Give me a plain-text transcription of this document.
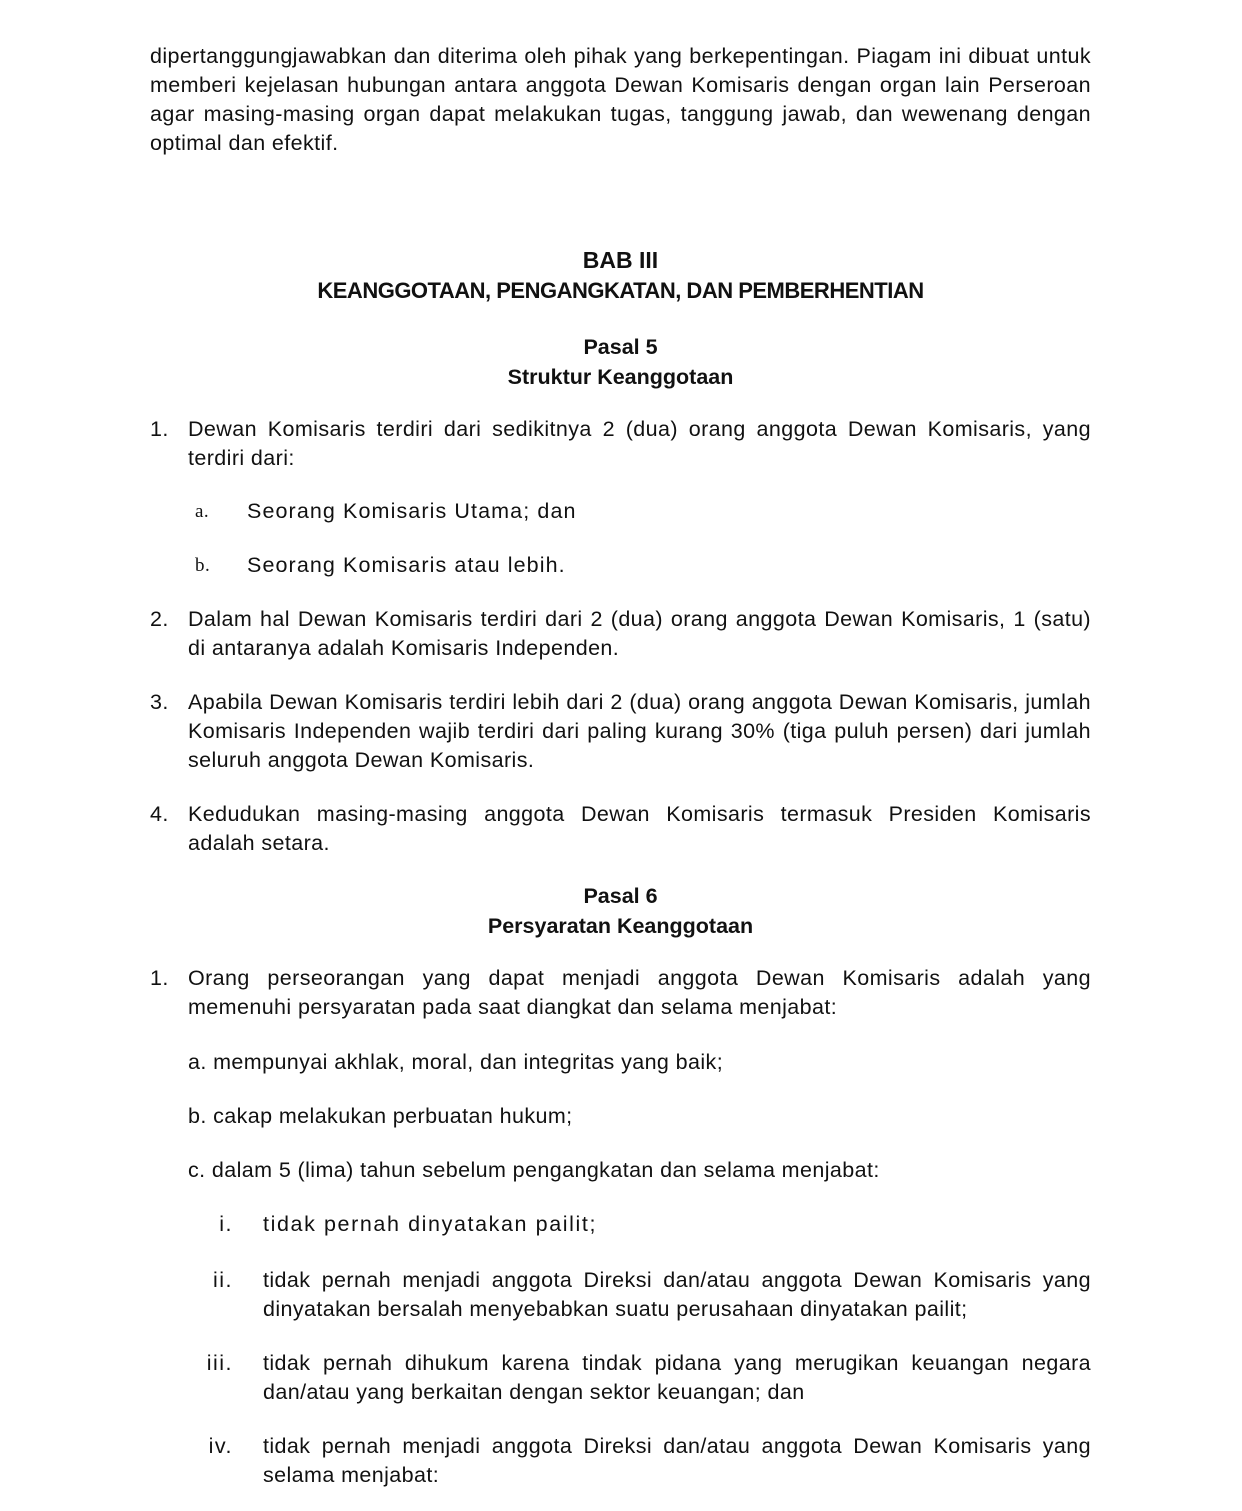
dipertanggungjawabkan dan diterima oleh pihak yang berkepentingan. Piagam ini dibuat untuk memberi kejelasan hubungan antara anggota Dewan Komisaris dengan organ lain Perseroan agar masing-masing organ dapat melakukan tugas, tanggung jawab, dan wewenang dengan optimal dan efektif.

BAB III

KEANGGOTAAN, PENGANGKATAN, DAN PEMBERHENTIAN

Pasal 5

Struktur Keanggotaan

1. Dewan Komisaris terdiri dari sedikitnya 2 (dua) orang anggota Dewan Komisaris, yang terdiri dari:
a.	Seorang Komisaris Utama; dan
b.	Seorang Komisaris atau lebih.
2. Dalam hal Dewan Komisaris terdiri dari 2 (dua) orang anggota Dewan Komisaris, 1 (satu) di antaranya adalah Komisaris Independen.
3. Apabila Dewan Komisaris terdiri lebih dari 2 (dua) orang anggota Dewan Komisaris, jumlah Komisaris Independen wajib terdiri dari paling kurang 30% (tiga puluh persen) dari jumlah seluruh anggota Dewan Komisaris.
4. Kedudukan masing-masing anggota Dewan Komisaris termasuk Presiden Komisaris adalah setara.

Pasal 6

Persyaratan Keanggotaan

1. Orang perseorangan yang dapat menjadi anggota Dewan Komisaris adalah yang memenuhi persyaratan pada saat diangkat dan selama menjabat:
a. mempunyai akhlak, moral, dan integritas yang baik;
b. cakap melakukan perbuatan hukum;
c. dalam 5 (lima) tahun sebelum pengangkatan dan selama menjabat:
i.	tidak pernah dinyatakan pailit;
ii.	tidak pernah menjadi anggota Direksi dan/atau anggota Dewan Komisaris yang dinyatakan bersalah menyebabkan suatu perusahaan dinyatakan pailit;
iii.	tidak pernah dihukum karena tindak pidana yang merugikan keuangan negara dan/atau yang berkaitan dengan sektor keuangan; dan
iv.	tidak pernah menjadi anggota Direksi dan/atau anggota Dewan Komisaris yang selama menjabat:
